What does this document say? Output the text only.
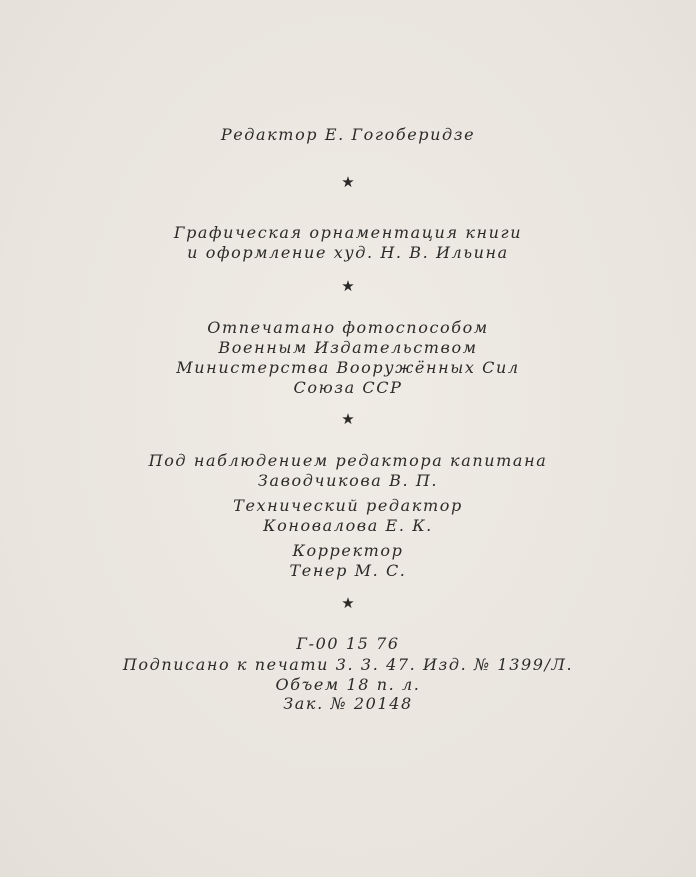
Редактор Е. Гогоберидзе
★
Графическая орнаментация книги
и оформление худ. Н. В. Ильина
★
Отпечатано фотоспособом
Военным Издательством
Министерства Вооружённых Сил
Союза ССР
★
Под наблюдением редактора капитана
Заводчикова В. П.
Технический редактор
Коновалова Е. К.
Корректор
Тенер М. С.
★
Г-00 15 76
Подписано к печати 3. 3. 47. Изд. № 1399/Л.
Объем 18 п. л.
Зак. № 20148
